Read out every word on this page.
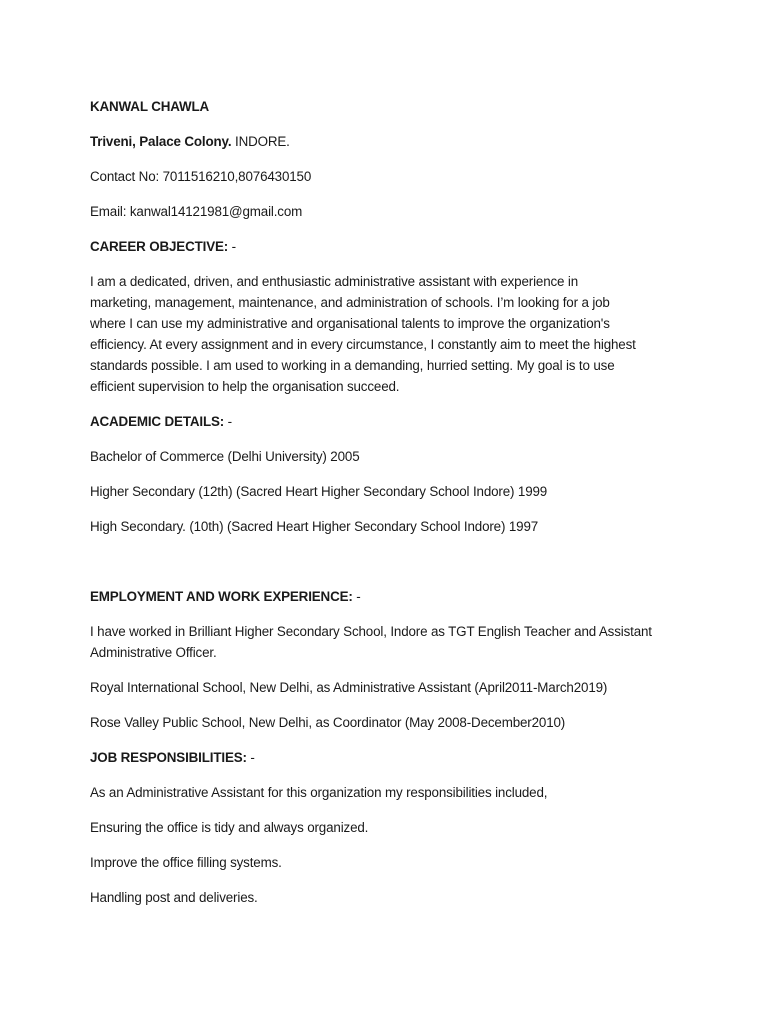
KANWAL CHAWLA
Triveni, Palace Colony. INDORE.
Contact No: 7011516210,8076430150
Email: kanwal14121981@gmail.com
CAREER OBJECTIVE: -
I am a dedicated, driven, and enthusiastic administrative assistant with experience in
marketing, management, maintenance, and administration of schools. I’m looking for a job
where I can use my administrative and organisational talents to improve the organization's
efficiency. At every assignment and in every circumstance, I constantly aim to meet the highest
standards possible. I am used to working in a demanding, hurried setting. My goal is to use
efficient supervision to help the organisation succeed.
ACADEMIC DETAILS: -
Bachelor of Commerce (Delhi University) 2005
Higher Secondary (12th) (Sacred Heart Higher Secondary School Indore) 1999
High Secondary. (10th) (Sacred Heart Higher Secondary School Indore) 1997
EMPLOYMENT AND WORK EXPERIENCE: -
I have worked in Brilliant Higher Secondary School, Indore as TGT English Teacher and Assistant
Administrative Officer.
Royal International School, New Delhi, as Administrative Assistant (April2011-March2019)
Rose Valley Public School, New Delhi, as Coordinator (May 2008-December2010)
JOB RESPONSIBILITIES: -
As an Administrative Assistant for this organization my responsibilities included,
Ensuring the office is tidy and always organized.
Improve the office filling systems.
Handling post and deliveries.
